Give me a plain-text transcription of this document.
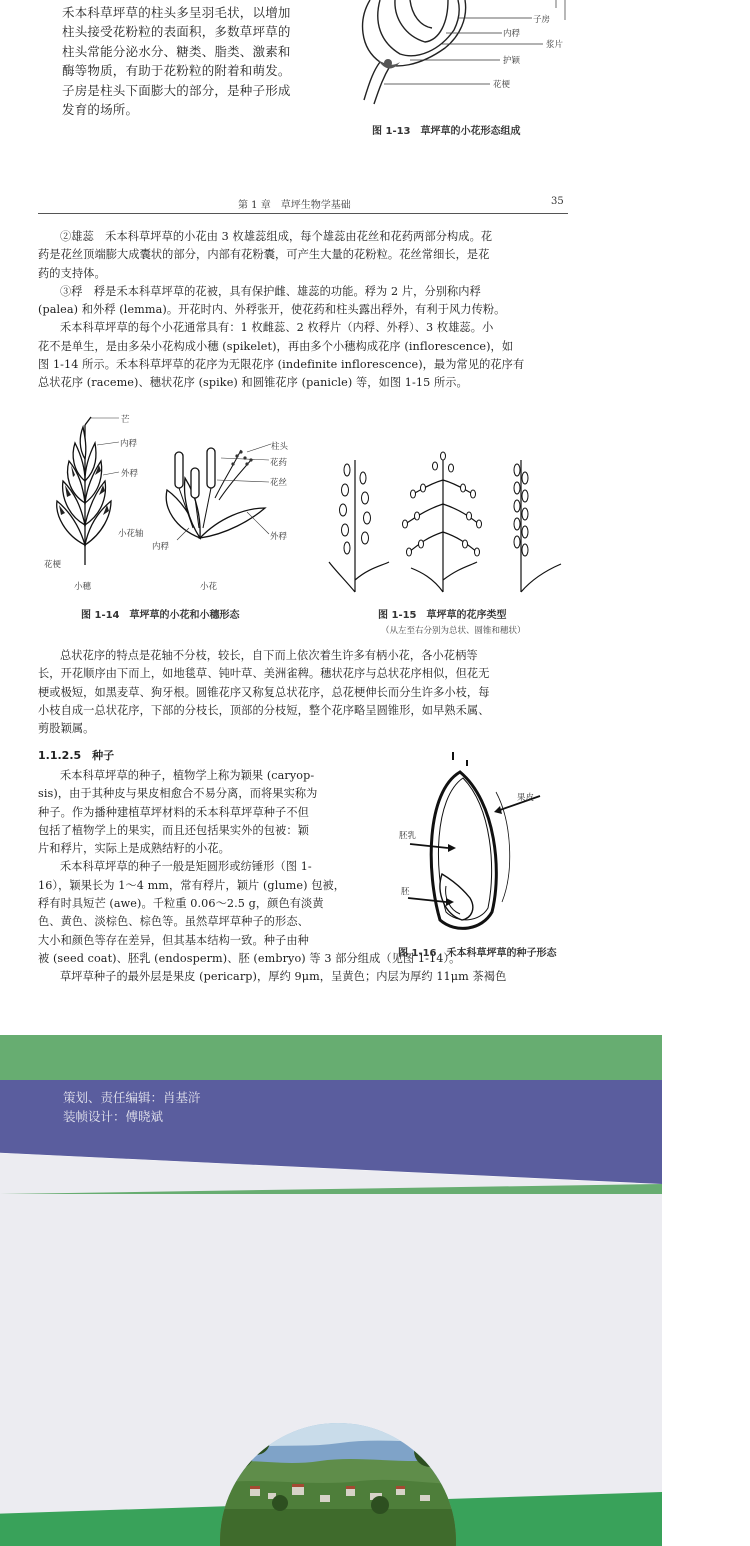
禾本科草坪草的柱头多呈羽毛状，以增加

柱头接受花粉粒的表面积，多数草坪草的

柱头常能分泌水分、糖类、脂类、激素和

酶等物质，有助于花粉粒的附着和萌发。

子房是柱头下面膨大的部分，是种子形成

发育的场所。

子房
内稃
浆片
护颖
花梗
图 1-13　草坪草的小花形态组成
第 1 章　草坪生物学基础	35

②雄蕊　禾本科草坪草的小花由 3 枚雄蕊组成，每个雄蕊由花丝和花药两部分构成。花

药是花丝顶端膨大成囊状的部分，内部有花粉囊，可产生大量的花粉粒。花丝常细长，是花

药的支持体。

③稃　稃是禾本科草坪草的花被，具有保护雌、雄蕊的功能。稃为 2 片，分别称内稃

(palea) 和外稃 (lemma)。开花时内、外稃张开，使花药和柱头露出稃外，有利于风力传粉。

禾本科草坪草的每个小花通常具有：1 枚雌蕊、2 枚稃片（内稃、外稃）、3 枚雄蕊。小

花不是单生，是由多朵小花构成小穗 (spikelet)，再由多个小穗构成花序 (inflorescence)，如

图 1-14 所示。禾本科草坪草的花序为无限花序 (indefinite inflorescence)，最为常见的花序有

总状花序 (raceme)、穗状花序 (spike) 和圆锥花序 (panicle) 等，如图 1-15 所示。

芒
内稃
外稃
小花轴
花梗
小穗
柱头
花药
花丝
内稃
外稃
小花
图 1-14　草坪草的小花和小穗形态	图 1-15　草坪草的花序类型
（从左至右分别为总状、圆锥和穗状）

总状花序的特点是花轴不分枝，较长，自下而上依次着生许多有柄小花，各小花柄等

长，开花顺序由下而上，如地毯草、钝叶草、美洲雀稗。穗状花序与总状花序相似，但花无

梗或极短，如黑麦草、狗牙根。圆锥花序又称复总状花序，总花梗伸长而分生许多小枝，每

小枝自成一总状花序，下部的分枝长，顶部的分枝短，整个花序略呈圆锥形，如早熟禾属、

剪股颖属。

1.1.2.5　种子

禾本科草坪草的种子，植物学上称为颖果 (caryop-

sis)，由于其种皮与果皮相愈合不易分离，而将果实称为

种子。作为播种建植草坪材料的禾本科草坪草种子不但

包括了植物学上的果实，而且还包括果实外的包被：颖

片和稃片，实际上是成熟结籽的小花。

禾本科草坪草的种子一般是矩圆形或纺锤形（图 1-

16），颖果长为 1～4 mm，常有稃片，颖片 (glume) 包被，

稃有时具短芒 (awe)。千粒重 0.06～2.5 g，颜色有淡黄

色、黄色、淡棕色、棕色等。虽然草坪草种子的形态、

大小和颜色等存在差异，但其基本结构一致。种子由种

被 (seed coat)、胚乳 (endosperm)、胚 (embryo) 等 3 部分组成（见图 1-14）。

草坪草种子的最外层是果皮 (pericarp)，厚约 9μm，呈黄色；内层为厚约 11μm 茶褐色

果皮
胚乳
胚
图 1-16　禾本科草坪草的种子形态

策划、责任编辑：肖基浒

装帧设计：傅晓斌
